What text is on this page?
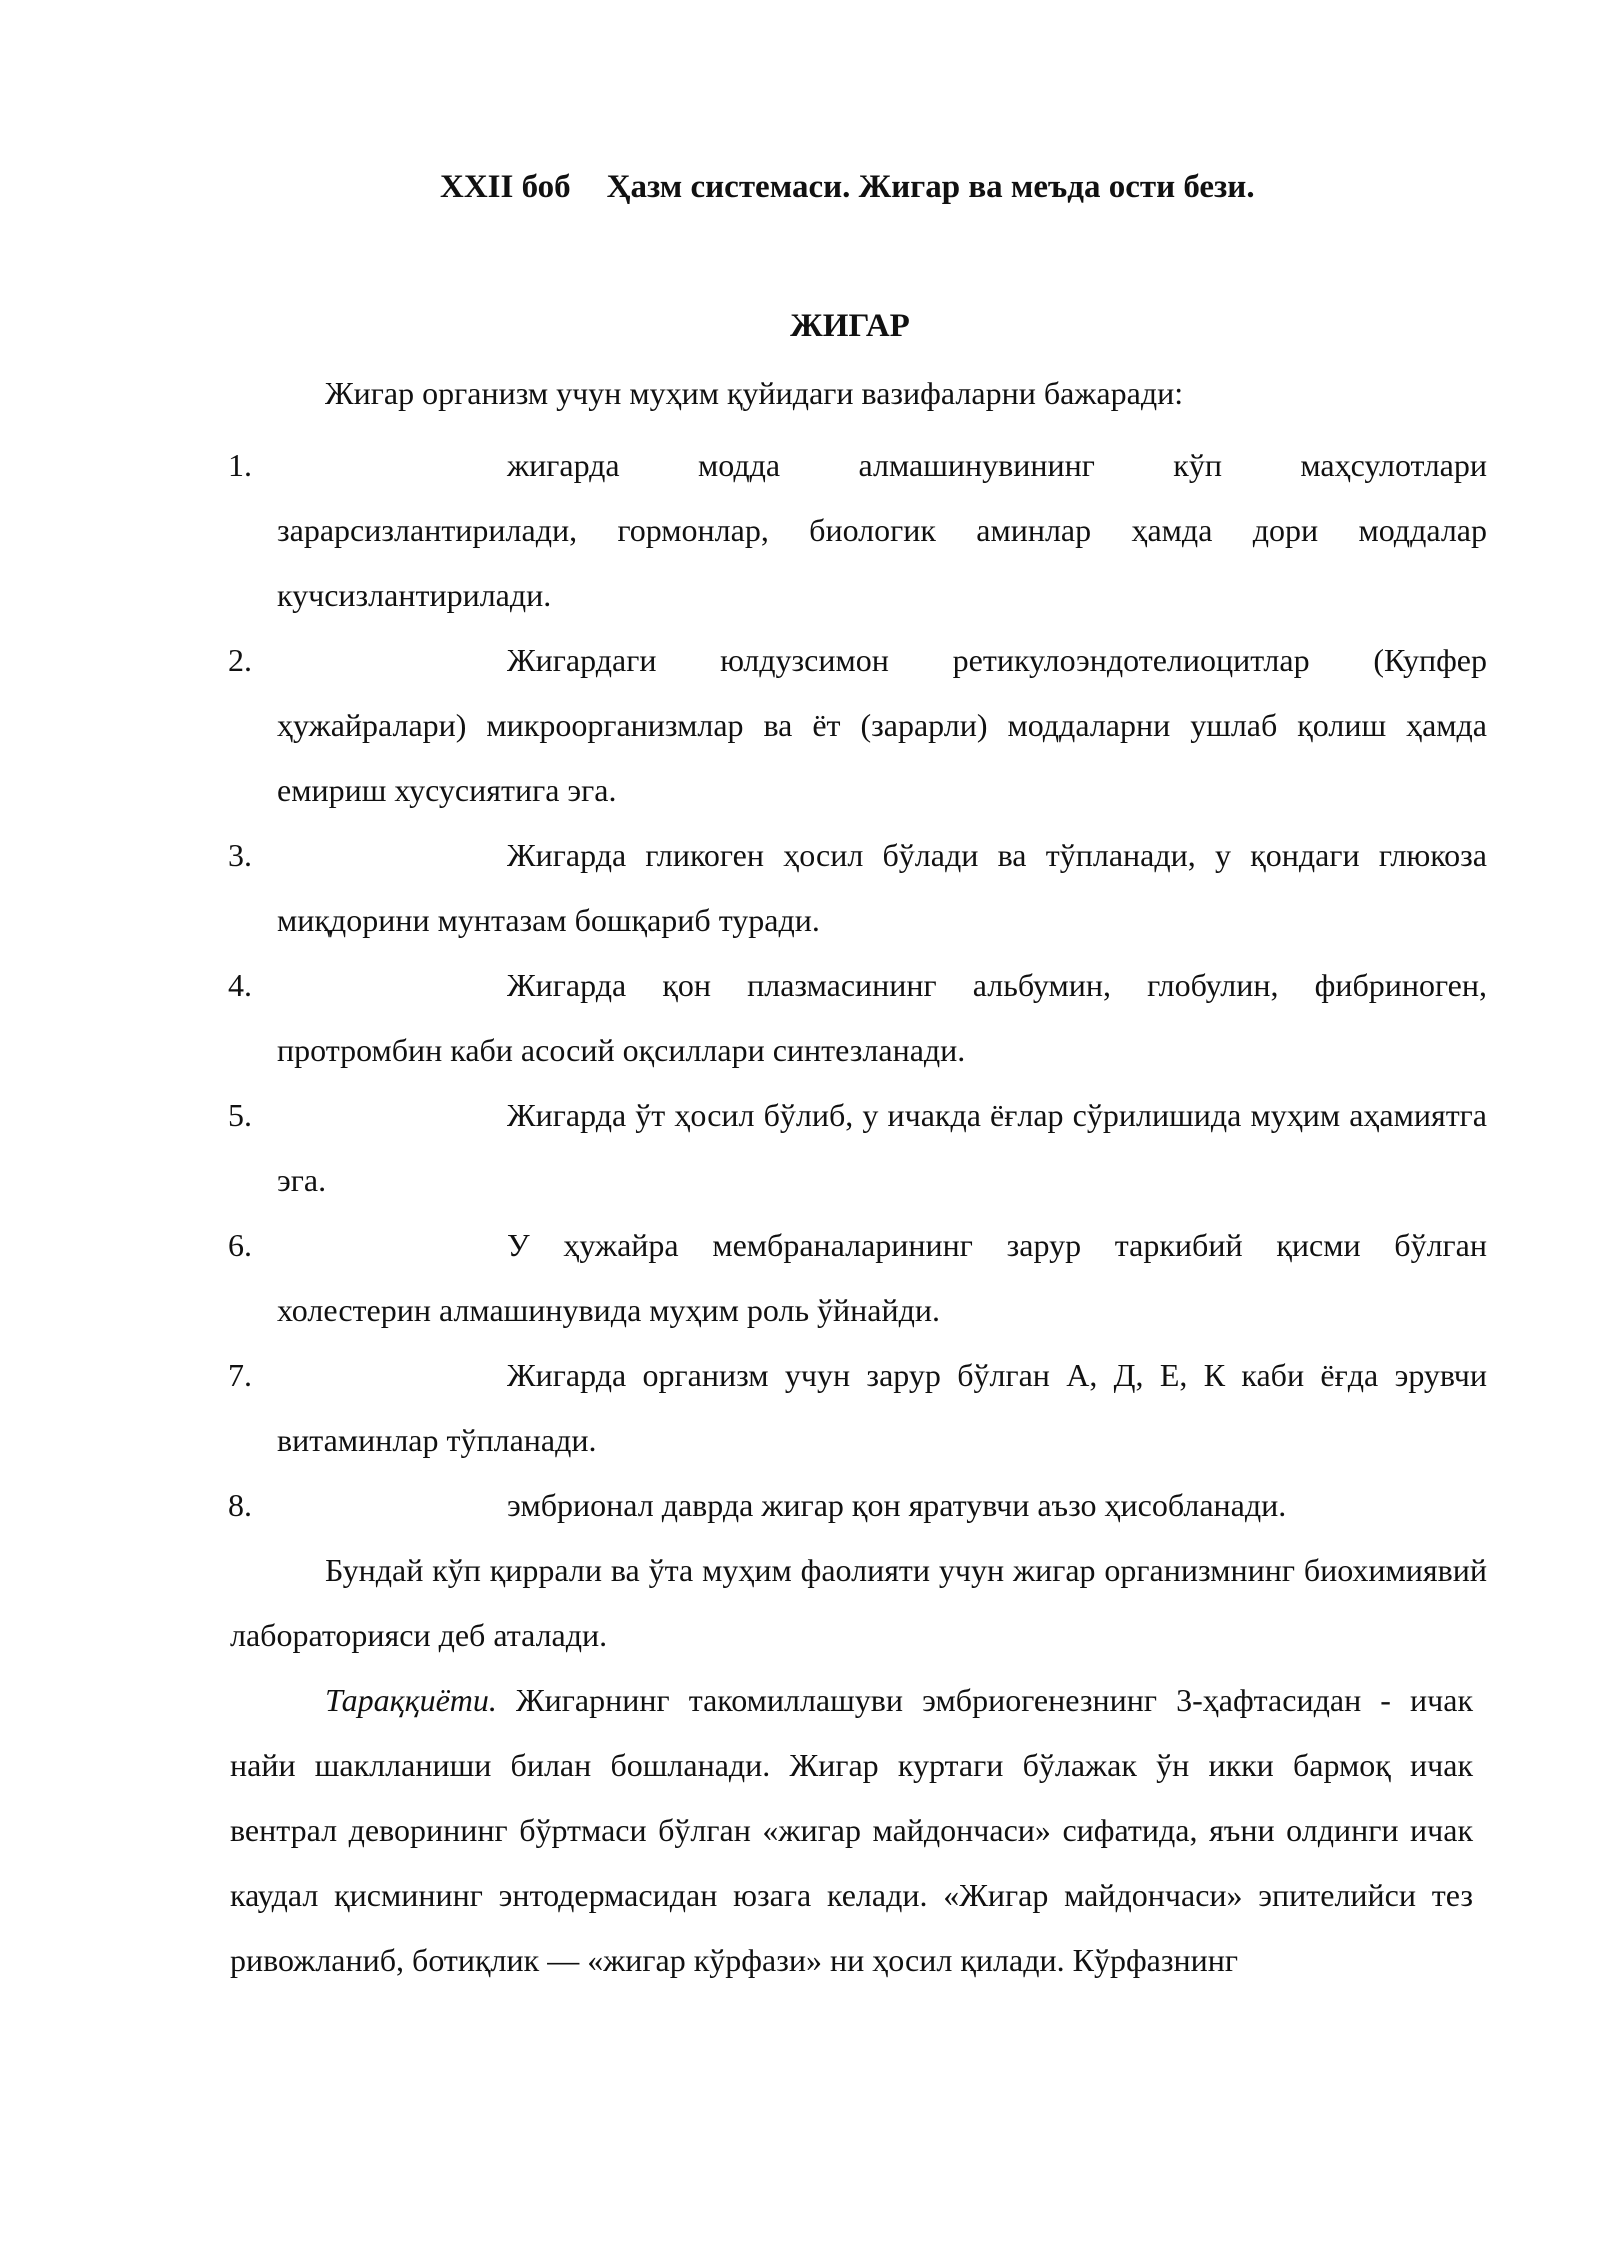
XXII боб Ҳазм системаси. Жигар ва меъда ости бези.
ЖИГАР
Жигар организм учун муҳим қуйидаги вазифаларни бажаради:
1.	жигарда модда алмашинувининг кўп маҳсулотлари зарарсизлантирилади, гормонлар, биологик аминлар ҳамда дори моддалар кучсизлантирилади.
2.	Жигардаги юлдузсимон ретикулоэндотелиоцитлар (Купфер ҳужайралари) микроорганизмлар ва ёт (зарарли) моддаларни ушлаб қолиш ҳамда емириш хусусиятига эга.
3.	Жигарда гликоген ҳосил бўлади ва тўпланади, у қондаги глюкоза миқдорини мунтазам бошқариб туради.
4.	Жигарда қон плазмасининг альбумин, глобулин, фибриноген, протромбин каби асосий оқсиллари синтезланади.
5.	Жигарда ўт ҳосил бўлиб, у ичакда ёғлар сўрилишида муҳим аҳамиятга эга.
6.	У ҳужайра мембраналарининг зарур таркибий қисми бўлган холестерин алмашинувида муҳим роль ўйнайди.
7.	Жигарда организм учун зарур бўлган А, Д, Е, К каби ёғда эрувчи витаминлар тўпланади.
8.	эмбрионал даврда жигар қон яратувчи аъзо ҳисобланади.
Бундай кўп қиррали ва ўта муҳим фаолияти учун жигар организмнинг биохимиявий лабораторияси деб аталади.
Тараққиёти. Жигарнинг такомиллашуви эмбриогенезнинг 3-ҳафтасидан - ичак найи шаклланиши билан бошланади. Жигар куртаги бўлажак ўн икки бармоқ ичак вентрал деворининг бўртмаси бўлган «жигар майдончаси» сифатида, яъни олдинги ичак каудал қисмининг энтодермасидан юзага келади. «Жигар майдончаси» эпителийси тез ривожланиб, ботиқлик — «жигар кўрфази» ни ҳосил қилади. Кўрфазнинг
